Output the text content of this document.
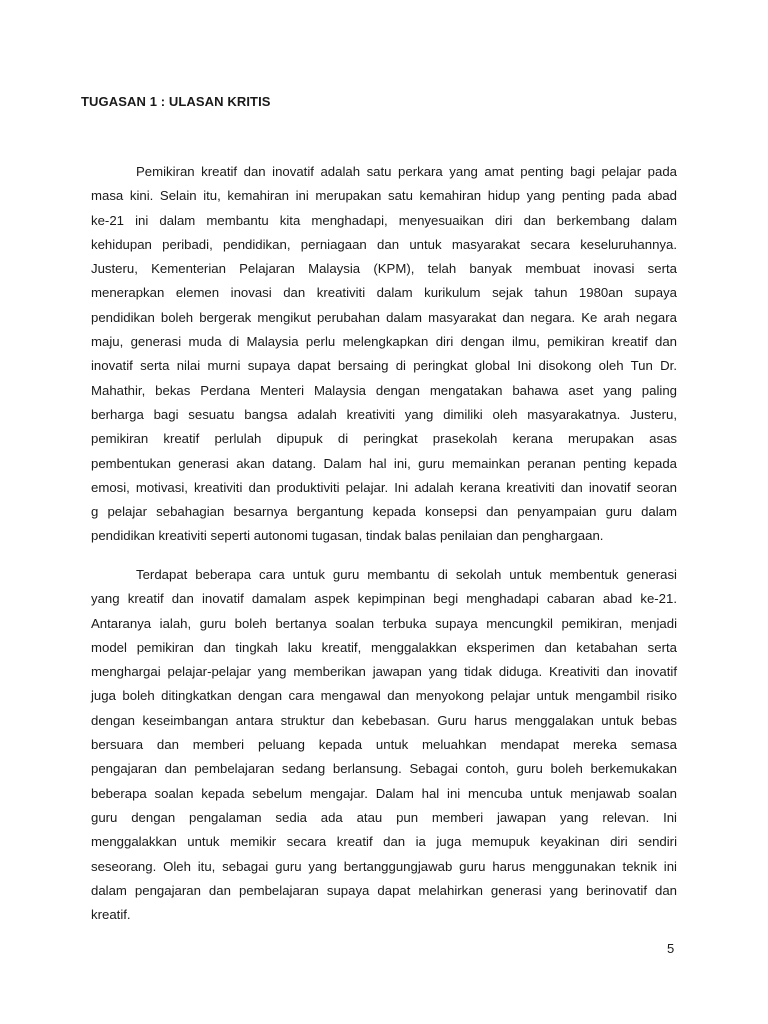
TUGASAN 1 : ULASAN KRITIS
Pemikiran kreatif dan inovatif adalah satu perkara yang amat penting bagi pelajar pada
masa kini. Selain itu, kemahiran ini merupakan satu kemahiran hidup yang penting pada abad
ke-21 ini dalam membantu kita menghadapi, menyesuaikan diri dan berkembang dalam
kehidupan peribadi, pendidikan, perniagaan dan untuk masyarakat secara keseluruhannya.
Justeru, Kementerian Pelajaran Malaysia (KPM), telah banyak membuat inovasi serta
menerapkan elemen inovasi dan kreativiti dalam kurikulum sejak tahun 1980an supaya
pendidikan boleh bergerak mengikut perubahan dalam masyarakat dan negara. Ke arah negara
maju, generasi muda di Malaysia perlu melengkapkan diri dengan ilmu, pemikiran kreatif dan
inovatif serta nilai murni supaya dapat bersaing di peringkat global Ini disokong oleh Tun Dr.
Mahathir, bekas Perdana Menteri Malaysia dengan mengatakan bahawa aset yang paling
berharga bagi sesuatu bangsa adalah kreativiti yang dimiliki oleh masyarakatnya. Justeru,
pemikiran kreatif perlulah dipupuk di peringkat prasekolah kerana merupakan asas
pembentukan generasi akan datang. Dalam hal ini, guru memainkan peranan penting kepada
emosi, motivasi, kreativiti dan produktiviti pelajar. Ini adalah kerana kreativiti dan inovatif seoran
g pelajar sebahagian besarnya bergantung kepada konsepsi dan penyampaian guru dalam
pendidikan kreativiti seperti autonomi tugasan, tindak balas penilaian dan penghargaan.
Terdapat beberapa cara untuk guru membantu di sekolah untuk membentuk generasi
yang kreatif dan inovatif damalam aspek kepimpinan begi menghadapi cabaran abad ke-21.
Antaranya ialah, guru boleh bertanya soalan terbuka supaya mencungkil pemikiran, menjadi
model pemikiran dan tingkah laku kreatif, menggalakkan eksperimen dan ketabahan serta
menghargai pelajar-pelajar yang memberikan jawapan yang tidak diduga. Kreativiti dan inovatif
juga boleh ditingkatkan dengan cara mengawal dan menyokong pelajar untuk mengambil risiko
dengan keseimbangan antara struktur dan kebebasan. Guru harus menggalakan untuk bebas
bersuara dan memberi peluang kepada untuk meluahkan mendapat mereka semasa
pengajaran dan pembelajaran sedang berlansung. Sebagai contoh, guru boleh berkemukakan
beberapa soalan kepada sebelum mengajar. Dalam hal ini mencuba untuk menjawab soalan
guru dengan pengalaman sedia ada atau pun memberi jawapan yang relevan. Ini
menggalakkan untuk memikir secara kreatif dan ia juga memupuk keyakinan diri sendiri
seseorang. Oleh itu, sebagai guru yang bertanggungjawab guru harus menggunakan teknik ini
dalam pengajaran dan pembelajaran supaya dapat melahirkan generasi yang berinovatif dan
kreatif.
5
